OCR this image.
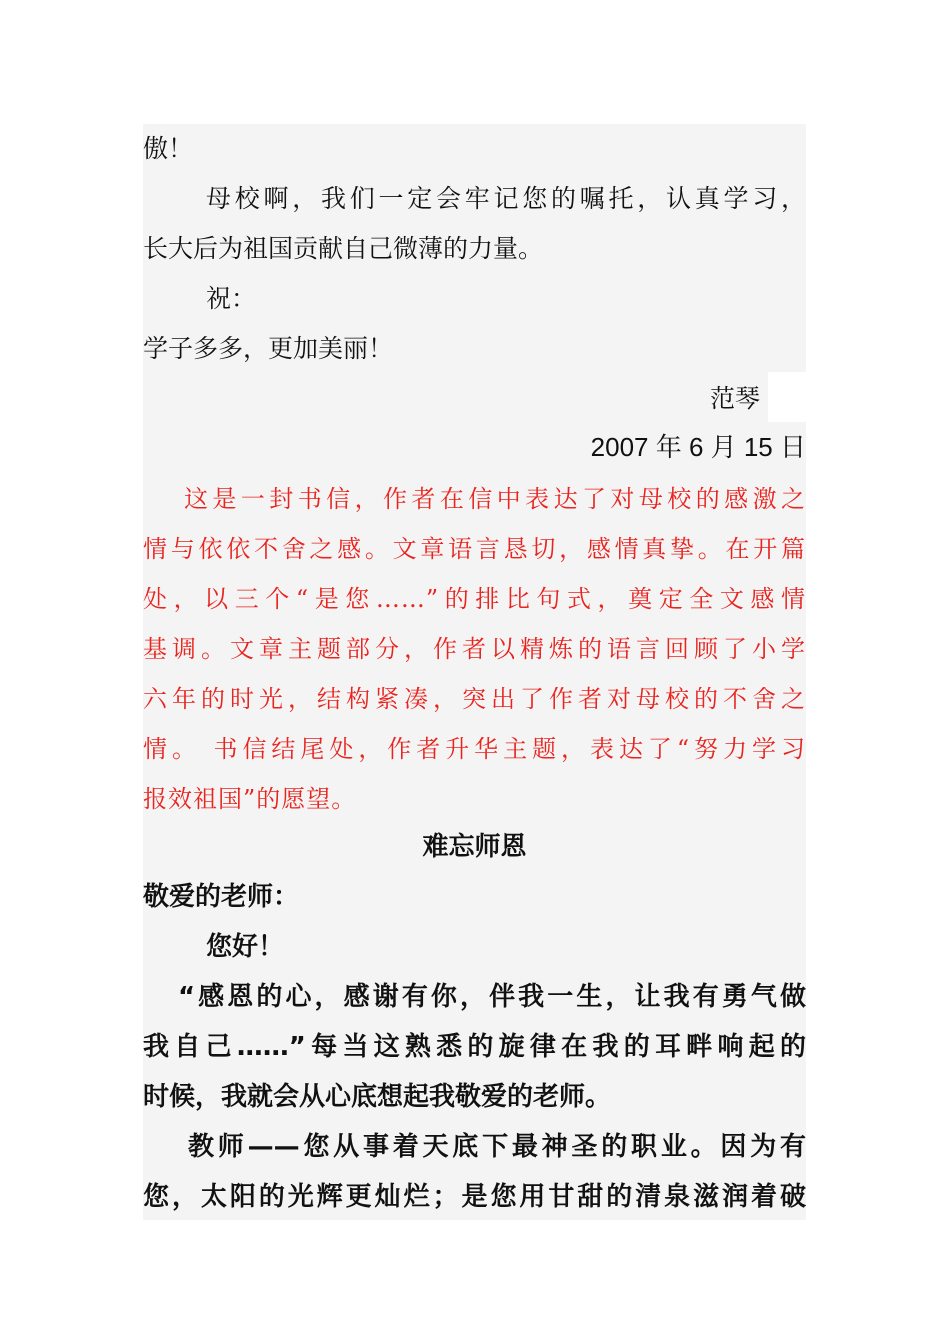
傲！
母校啊，我们一定会牢记您的嘱托，认真学习，
长大后为祖国贡献自己微薄的力量。
祝：
学子多多，更加美丽！
范琴
2007 年 6 月 15 日
这是一封书信，作者在信中表达了对母校的感激之
情与依依不舍之感。文章语言恳切，感情真挚。在开篇
处，以三个“是您……”的排比句式，奠定全文感情
基调。文章主题部分，作者以精炼的语言回顾了小学
六年的时光，结构紧凑，突出了作者对母校的不舍之
情。 书信结尾处，作者升华主题，表达了“努力学习
报效祖国”的愿望。
难忘师恩
敬爱的老师：
您好！
“感恩的心，感谢有你，伴我一生，让我有勇气做
我自己……”每当这熟悉的旋律在我的耳畔响起的
时候，我就会从心底想起我敬爱的老师。
教师——您从事着天底下最神圣的职业。因为有
您，太阳的光辉更灿烂；是您用甘甜的清泉滋润着破
